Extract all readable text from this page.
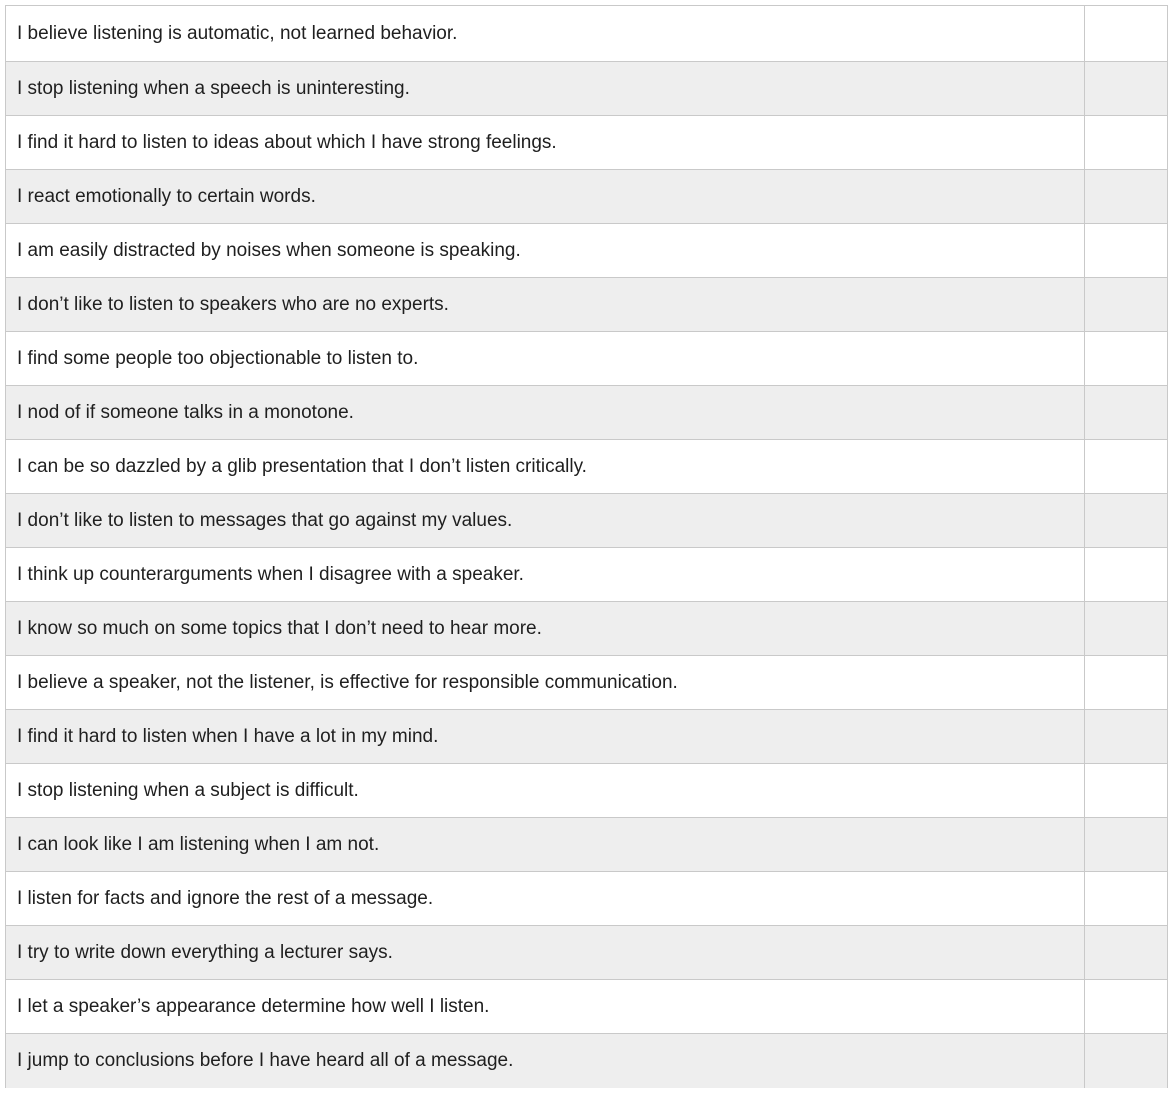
I believe listening is automatic, not learned behavior.
I stop listening when a speech is uninteresting.
I find it hard to listen to ideas about which I have strong feelings.
I react emotionally to certain words.
I am easily distracted by noises when someone is speaking.
I don’t like to listen to speakers who are no experts.
I find some people too objectionable to listen to.
I nod of if someone talks in a monotone.
I can be so dazzled by a glib presentation that I don’t listen critically.
I don’t like to listen to messages that go against my values.
I think up counterarguments when I disagree with a speaker.
I know so much on some topics that I don’t need to hear more.
I believe a speaker, not the listener, is effective for responsible communication.
I find it hard to listen when I have a lot in my mind.
I stop listening when a subject is difficult.
I can look like I am listening when I am not.
I listen for facts and ignore the rest of a message.
I try to write down everything a lecturer says.
I let a speaker’s appearance determine how well I listen.
I jump to conclusions before I have heard all of a message.
